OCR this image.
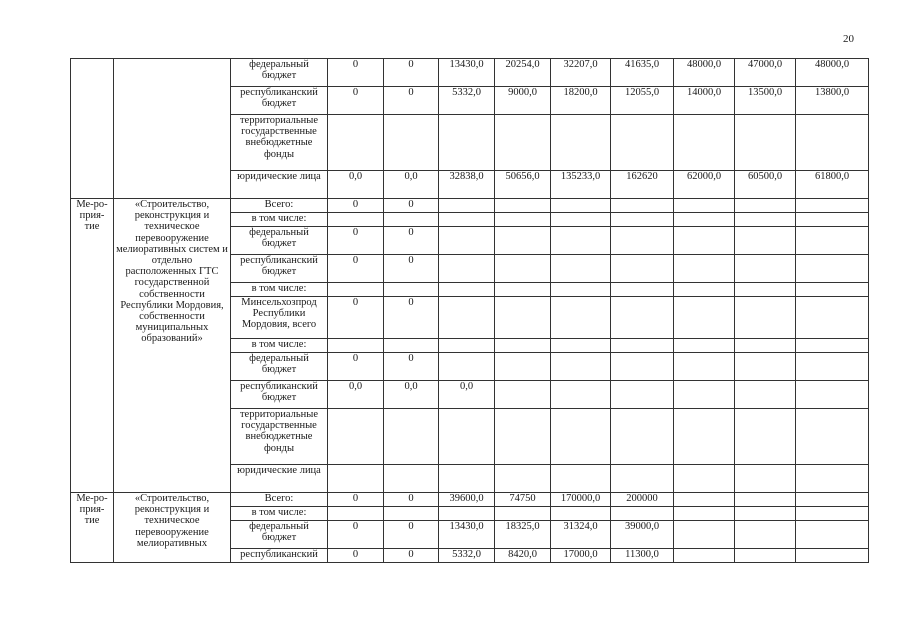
20
		федеральный бюджет	0	0	13430,0	20254,0	32207,0	41635,0	48000,0	47000,0	48000,0
		республиканский бюджет	0	0	5332,0	9000,0	18200,0	12055,0	14000,0	13500,0	13800,0
		территориальные государственные внебюджетные фонды									
		юридические лица	0,0	0,0	32838,0	50656,0	135233,0	162620	62000,0	60500,0	61800,0
Ме-ро-прия-тие	«Строительство, реконструкция и техническое перевооружение мелиоративных систем и отдельно расположенных ГТС государственной собственности Республики Мордовия, собственности муниципальных образований»	Всего:	0	0							
		в том числе:									
		федеральный бюджет	0	0							
		республиканский бюджет	0	0							
		в том числе:									
		Минсельхозпрод Республики Мордовия, всего	0	0							
		в том числе:									
		федеральный бюджет	0	0							
		республиканский бюджет	0,0	0,0	0,0						
		территориальные государственные внебюджетные фонды									
		юридические лица									
Ме-ро-прия-тие	«Строительство, реконструкция и техническое перевооружение мелиоративных	Всего:	0	0	39600,0	74750	170000,0	200000			
		в том числе:									
		федеральный бюджет	0	0	13430,0	18325,0	31324,0	39000,0			
		республиканский	0	0	5332,0	8420,0	17000,0	11300,0			
